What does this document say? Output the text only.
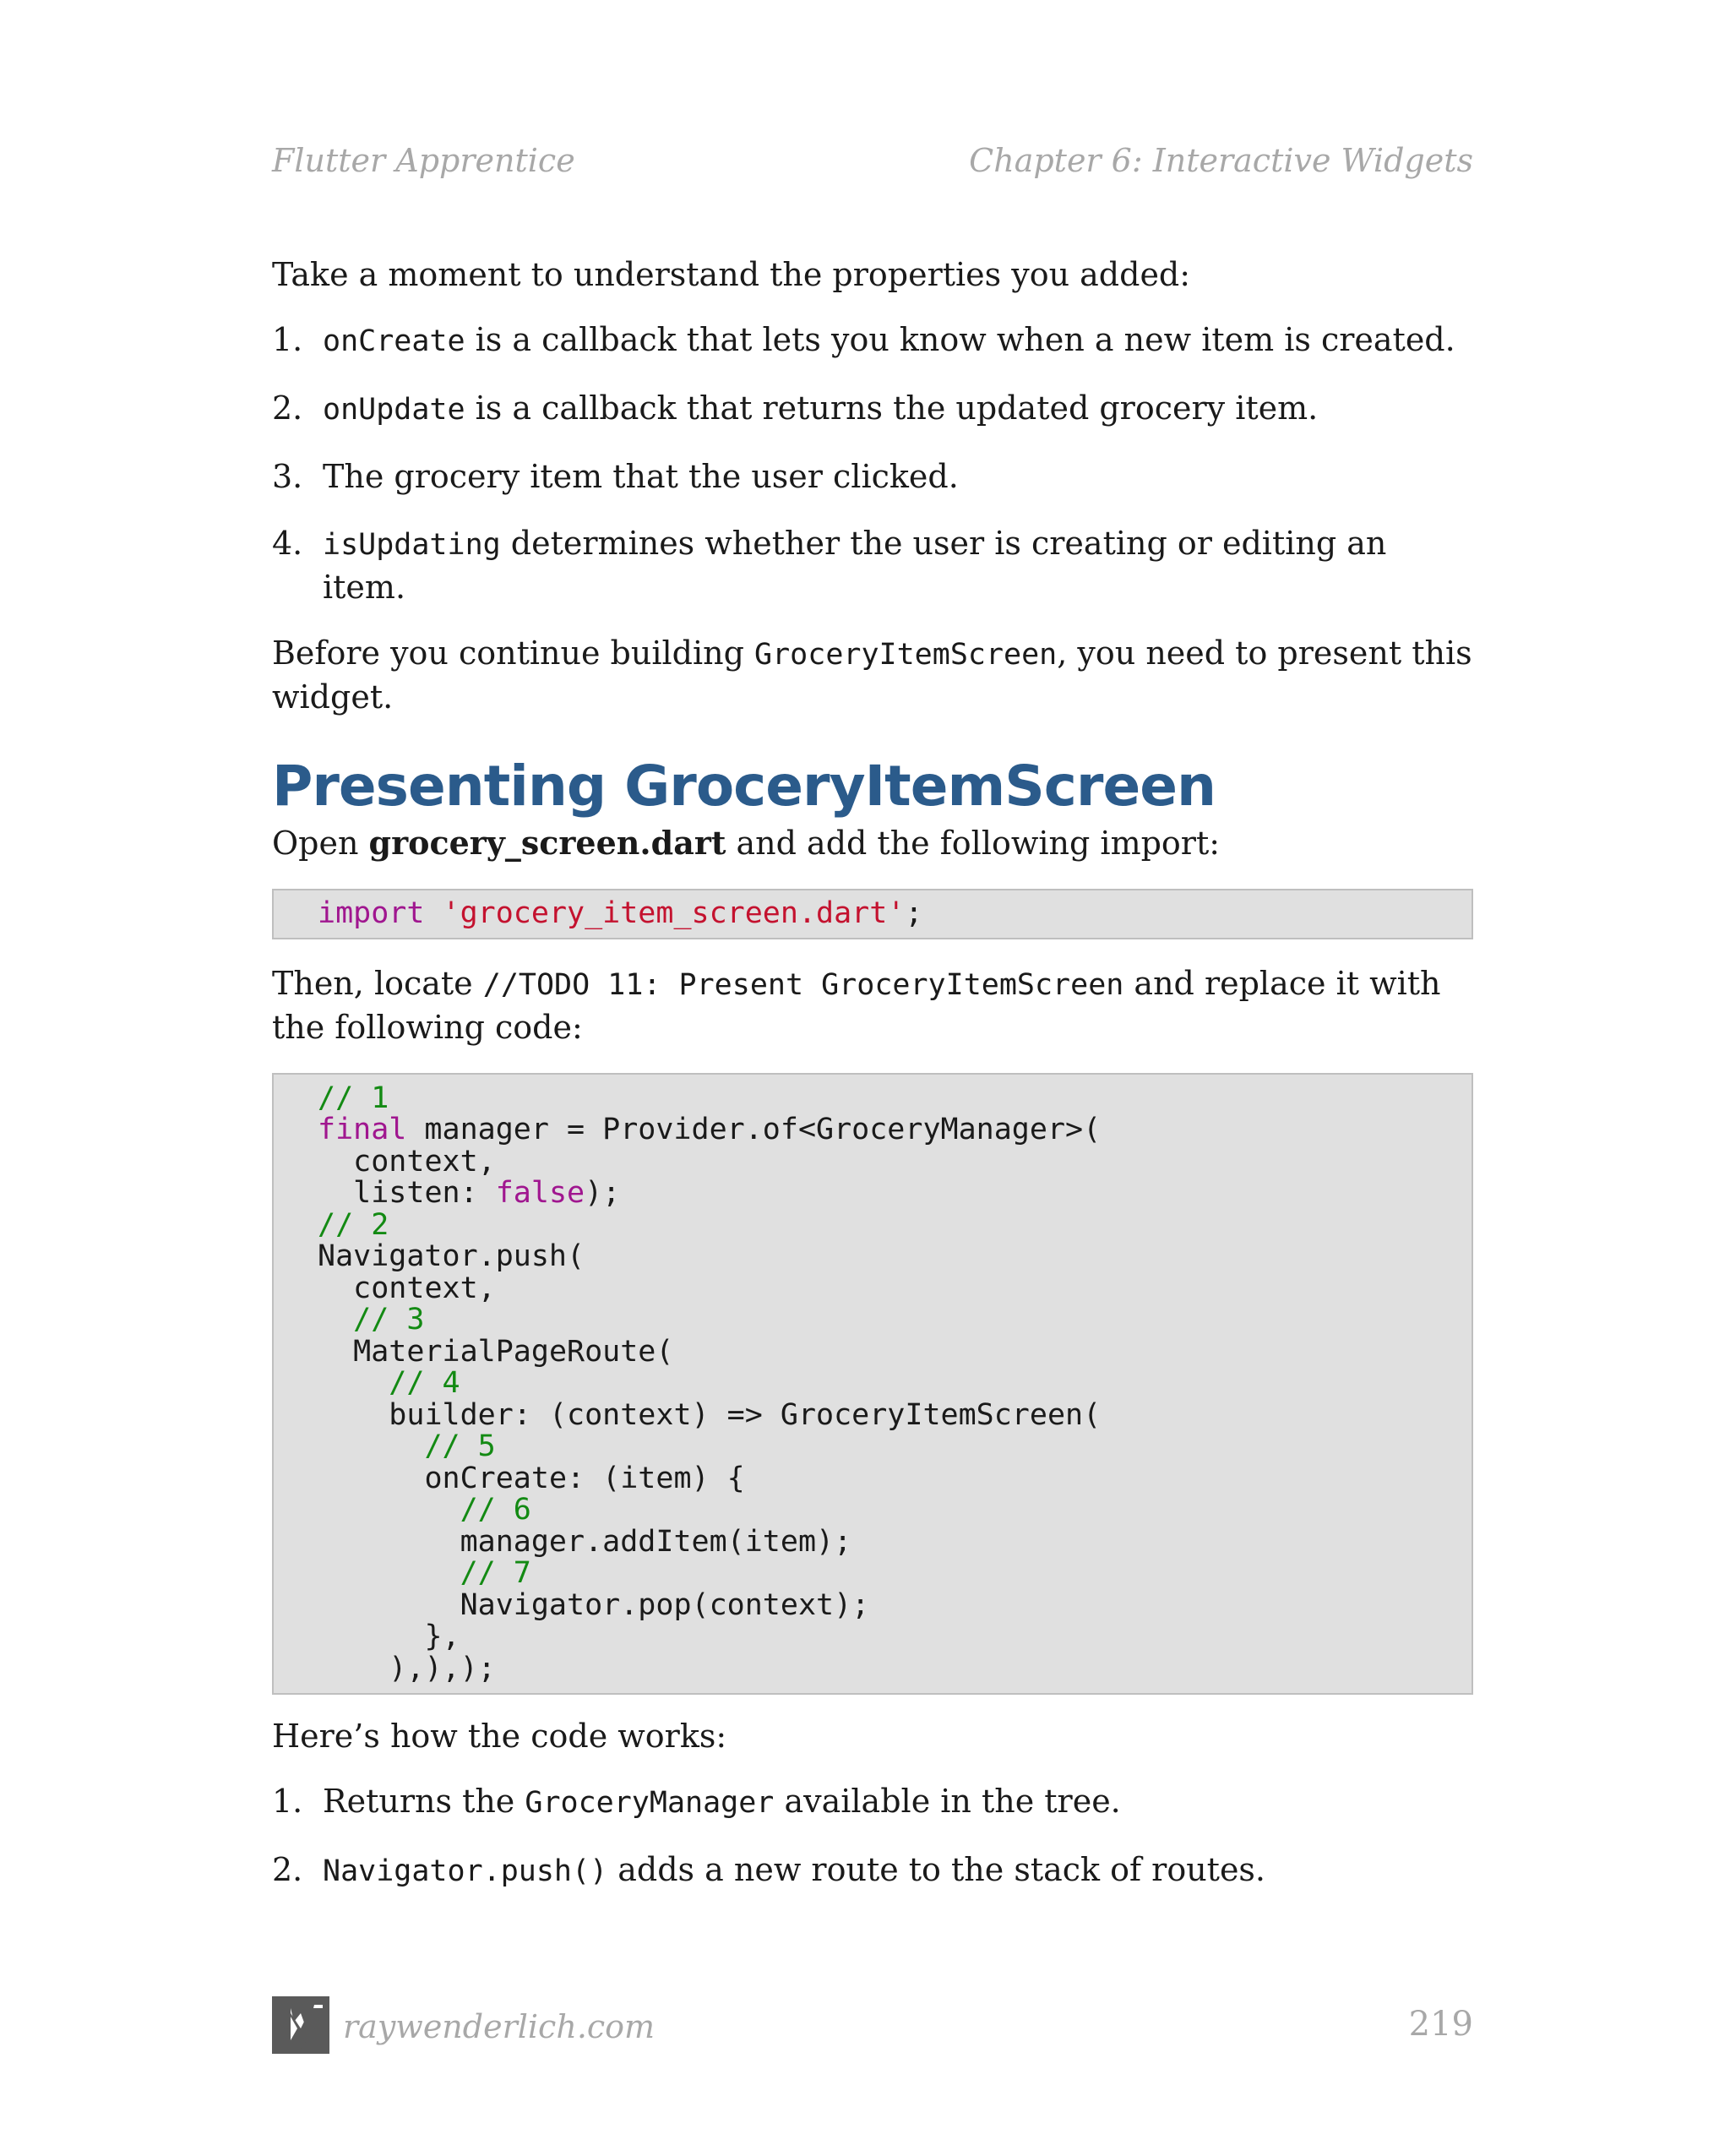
Flutter Apprentice	Chapter 6: Interactive Widgets

Take a moment to understand the properties you added:

1. onCreate is a callback that lets you know when a new item is created.
2. onUpdate is a callback that returns the updated grocery item.
3. The grocery item that the user clicked.
4. isUpdating determines whether the user is creating or editing an item.

Before you continue building GroceryItemScreen, you need to present this widget.

Presenting GroceryItemScreen

Open grocery_screen.dart and add the following import:

import 'grocery_item_screen.dart';

Then, locate //TODO 11: Present GroceryItemScreen and replace it with the following code:

// 1
final manager = Provider.of<GroceryManager>(
context,
listen: false);
// 2
Navigator.push(
context,
// 3
MaterialPageRoute(
// 4
builder: (context) => GroceryItemScreen(
// 5
onCreate: (item) {
// 6
manager.addItem(item);
// 7
Navigator.pop(context);
},
),),);

Here’s how the code works:

1. Returns the GroceryManager available in the tree.
2. Navigator.push() adds a new route to the stack of routes.
raywenderlich.com	219
